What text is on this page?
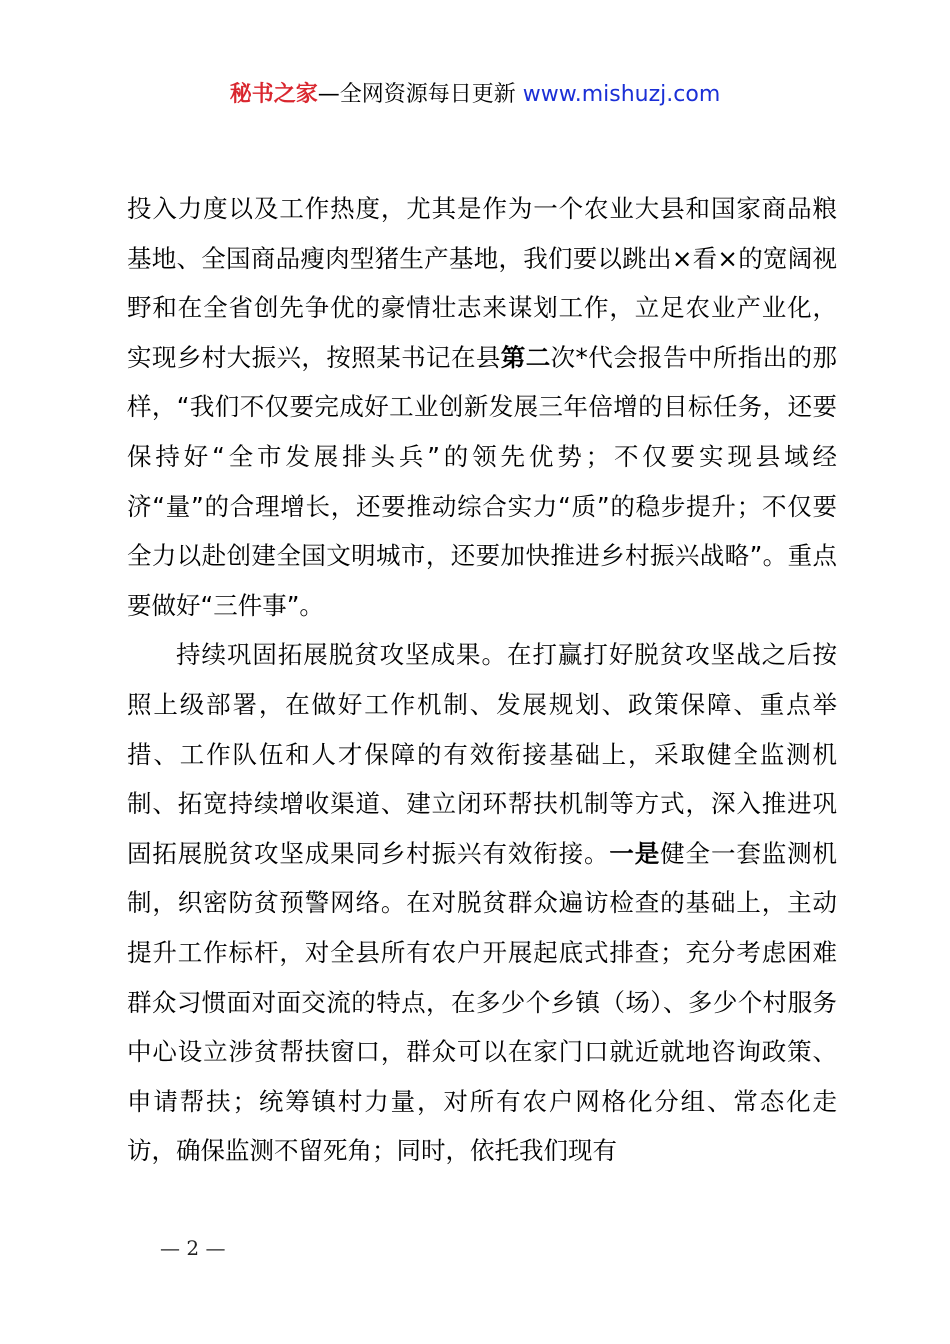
秘书之家—全网资源每日更新 www.mishuzj.com

投入力度以及工作热度，尤其是作为一个农业大县和国家商品粮基地、全国商品瘦肉型猪生产基地，我们要以跳出×看×的宽阔视野和在全省创先争优的豪情壮志来谋划工作，立足农业产业化，实现乡村大振兴，按照某书记在县第二次*代会报告中所指出的那样，“我们不仅要完成好工业创新发展三年倍增的目标任务，还要保持好“全市发展排头兵”的领先优势；不仅要实现县域经济“量”的合理增长，还要推动综合实力“质”的稳步提升；不仅要全力以赴创建全国文明城市，还要加快推进乡村振兴战略”。重点要做好“三件事”。

持续巩固拓展脱贫攻坚成果。在打赢打好脱贫攻坚战之后按照上级部署，在做好工作机制、发展规划、政策保障、重点举措、工作队伍和人才保障的有效衔接基础上，采取健全监测机制、拓宽持续增收渠道、建立闭环帮扶机制等方式，深入推进巩固拓展脱贫攻坚成果同乡村振兴有效衔接。一是健全一套监测机制，织密防贫预警网络。在对脱贫群众遍访检查的基础上，主动提升工作标杆，对全县所有农户开展起底式排查；充分考虑困难群众习惯面对面交流的特点，在多少个乡镇（场）、多少个村服务中心设立涉贫帮扶窗口，群众可以在家门口就近就地咨询政策、申请帮扶；统筹镇村力量，对所有农户网格化分组、常态化走访，确保监测不留死角；同时，依托我们现有

— 2 —
